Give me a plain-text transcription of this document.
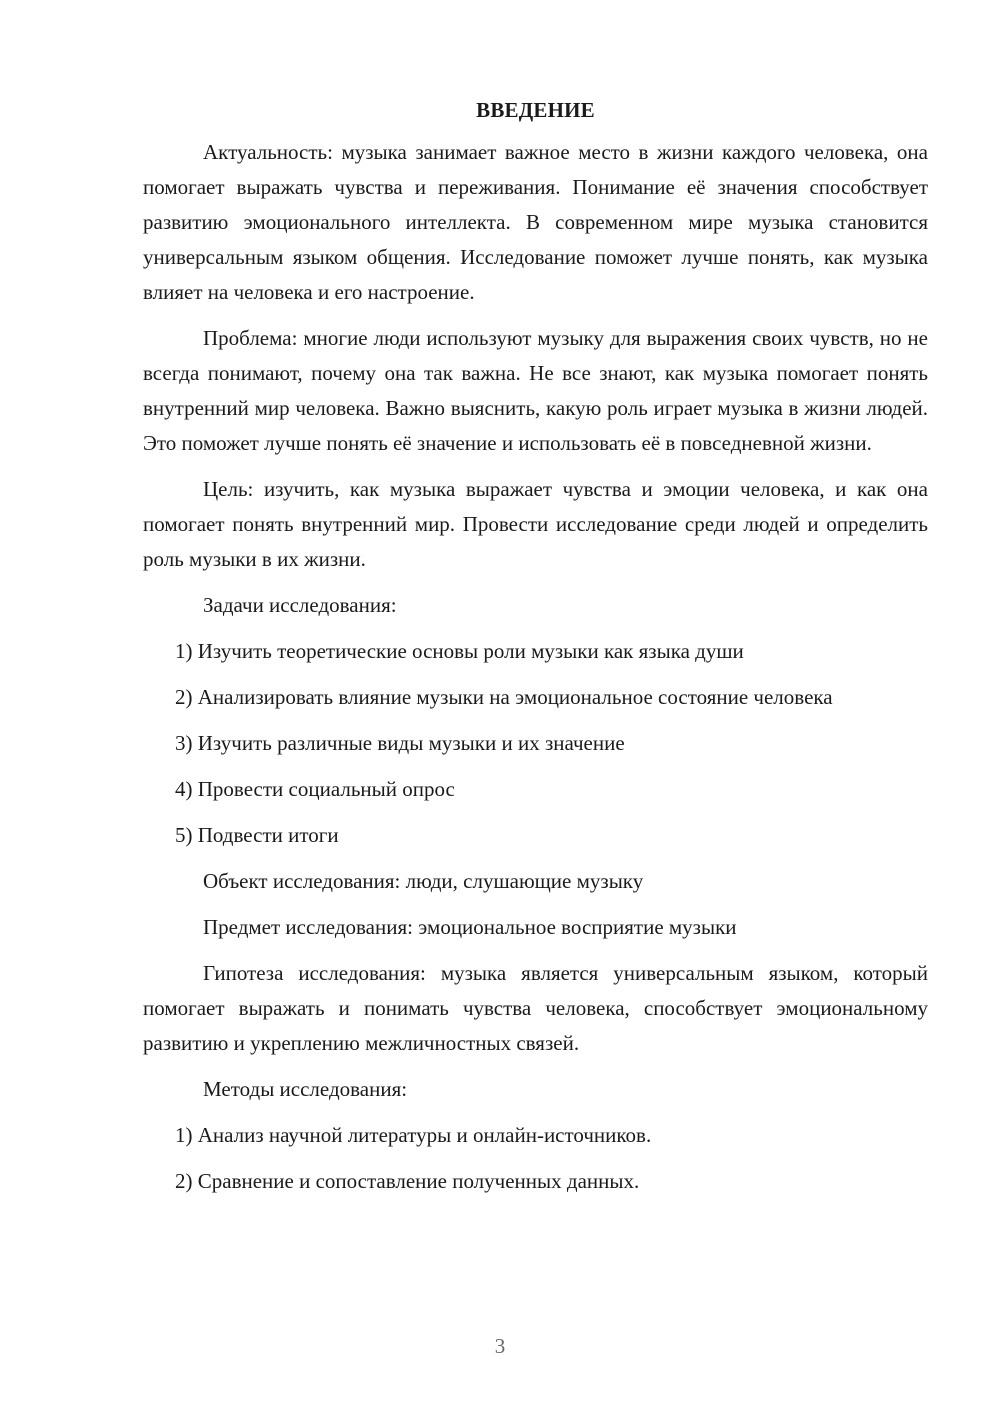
ВВЕДЕНИЕ

Актуальность: музыка занимает важное место в жизни каждого человека, она помогает выражать чувства и переживания. Понимание её значения способствует развитию эмоционального интеллекта. В современном мире музыка становится универсальным языком общения. Исследование поможет лучше понять, как музыка влияет на человека и его настроение.

Проблема: многие люди используют музыку для выражения своих чувств, но не всегда понимают, почему она так важна. Не все знают, как музыка помогает понять внутренний мир человека. Важно выяснить, какую роль играет музыка в жизни людей. Это поможет лучше понять её значение и использовать её в повседневной жизни.

Цель: изучить, как музыка выражает чувства и эмоции человека, и как она помогает понять внутренний мир. Провести исследование среди людей и определить роль музыки в их жизни.

Задачи исследования:

1) Изучить теоретические основы роли музыки как языка души

2) Анализировать влияние музыки на эмоциональное состояние человека

3) Изучить различные виды музыки и их значение

4) Провести социальный опрос

5) Подвести итоги

Объект исследования: люди, слушающие музыку

Предмет исследования: эмоциональное восприятие музыки

Гипотеза исследования: музыка является универсальным языком, который помогает выражать и понимать чувства человека, способствует эмоциональному развитию и укреплению межличностных связей.

Методы исследования:

1) Анализ научной литературы и онлайн-источников.

2) Сравнение и сопоставление полученных данных.

3
